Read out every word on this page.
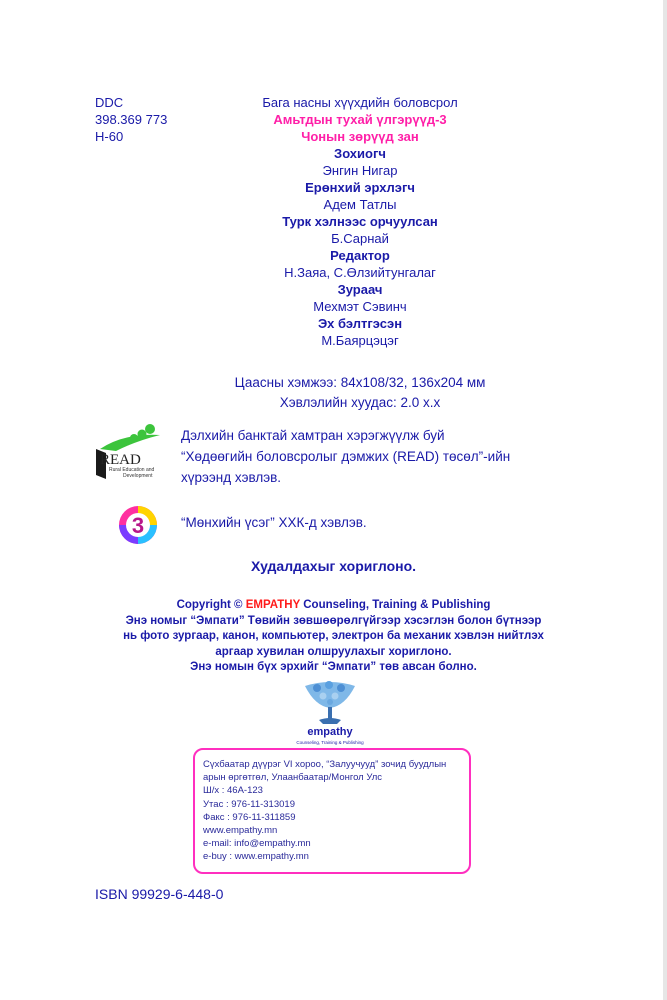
DDC
398.369 773
Н-60
Бага насны хүүхдийн боловсрол
Амьтдын тухай үлгэрүүд-3
Чонын зөрүүд зан
Зохиогч
Энгин Нигар
Ерөнхий эрхлэгч
Адем Татлы
Турк хэлнээс орчуулсан
Б.Сарнай
Редактор
Н.Заяа, С.Өлзийтунгалаг
Зураач
Мехмэт Сэвинч
Эх бэлтгэсэн
М.Баярцэцэг
Цаасны хэмжээ: 84x108/32, 136x204 мм
Хэвлэлийн хуудас: 2.0 х.х
READ
Rural Education and
Development
Дэлхийн банктай хамтран хэрэгжүүлж буй
“Хөдөөгийн боловсролыг дэмжих (READ) төсөл”-ийн
хүрээнд хэвлэв.
3	“Мөнхийн үсэг” ХХК-д хэвлэв.
Худалдахыг хориглоно.
Copyright © EMPATHY Counseling, Training & Publishing
Энэ номыг “Эмпати” Төвийн зөвшөөрөлгүйгээр хэсэглэн болон бүтнээр
нь фото зургаар, канон, компьютер, электрон ба механик хэвлэн нийтлэх
аргаар хувилан олшруулахыг хориглоно.
Энэ номын бүх эрхийг “Эмпати” төв авсан болно.
empathy
Counseling, Training & Publishing
Сүхбаатар дүүрэг VI хороо, “Залуучууд” зочид буудлын
арын өргөтгөл, Улаанбаатар/Монгол Улс
Ш/х : 46А-123
Утас : 976-11-313019
Факс : 976-11-311859
www.empathy.mn
e-mail: info@empathy.mn
e-buy : www.empathy.mn
ISBN 99929-6-448-0
